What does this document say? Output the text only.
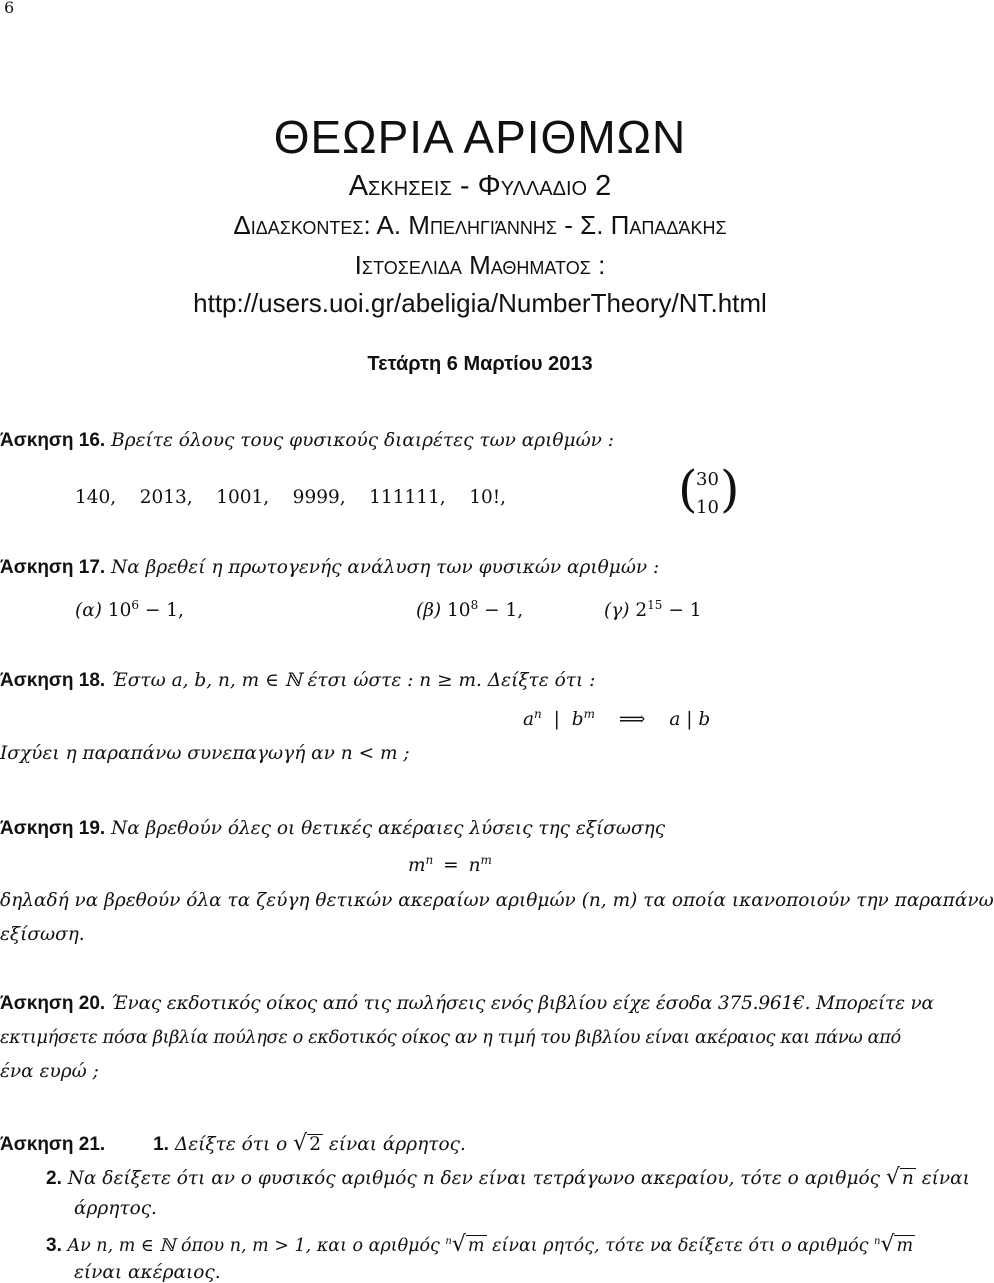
6
ΘΕΩΡΙΑ ΑΡΙΘΜΩΝ
Ασκησεισ - Φυλλαδιο 2
Διδασκοντεσ: Α. Μπεληγιάννης - Σ. Παπαδάκης
Ιστοσελιδα Μαθηματοσ :
http://users.uoi.gr/abeligia/NumberTheory/NT.html
Τετάρτη 6 Μαρτίου 2013
Άσκηση 16. Βρείτε όλους τους φυσικούς διαιρέτες των αριθμών :
140,    2013,    1001,    9999,    111111,    10!,	(
30
10 )
Άσκηση 17. Να βρεθεί η πρωτογενής ανάλυση των φυσικών αριθμών :
(α) $10^6 - 1$,	(β) $10^8 - 1$,	(γ) $2^{15} - 1$
Άσκηση 18. Έστω a, b, n, m ∈ ℕ έτσι ώστε : n ≥ m. Δείξτε ότι :
$a^n$ | $b^m$ ⟹ a | b
Ισχύει η παραπάνω συνεπαγωγή αν n < m ;
Άσκηση 19. Να βρεθούν όλες οι θετικές ακέραιες λύσεις της εξίσωσης
$m^n = n^m$
δηλαδή να βρεθούν όλα τα ζεύγη θετικών ακεραίων αριθμών (n, m) τα οποία ικανοποιούν την παραπάνω
εξίσωση.
Άσκηση 20. Ένας εκδοτικός οίκος από τις πωλήσεις ενός βιβλίου είχε έσοδα 375.961€. Μπορείτε να
εκτιμήσετε πόσα βιβλία πούλησε ο εκδοτικός οίκος αν η τιμή του βιβλίου είναι ακέραιος και πάνω από
ένα ευρώ ;
Άσκηση 21.	1. Δείξτε ότι ο √ 2 είναι άρρητος.
2. Να δείξετε ότι αν ο φυσικός αριθμός n δεν είναι τετράγωνο ακεραίου, τότε ο αριθμός √ n είναι
άρρητος.
3. Αν n, m ∈ ℕ όπου n, m > 1, και ο αριθμός $^n$√ m είναι ρητός, τότε να δείξετε ότι ο αριθμός $^n$√ m
είναι ακέραιος.
